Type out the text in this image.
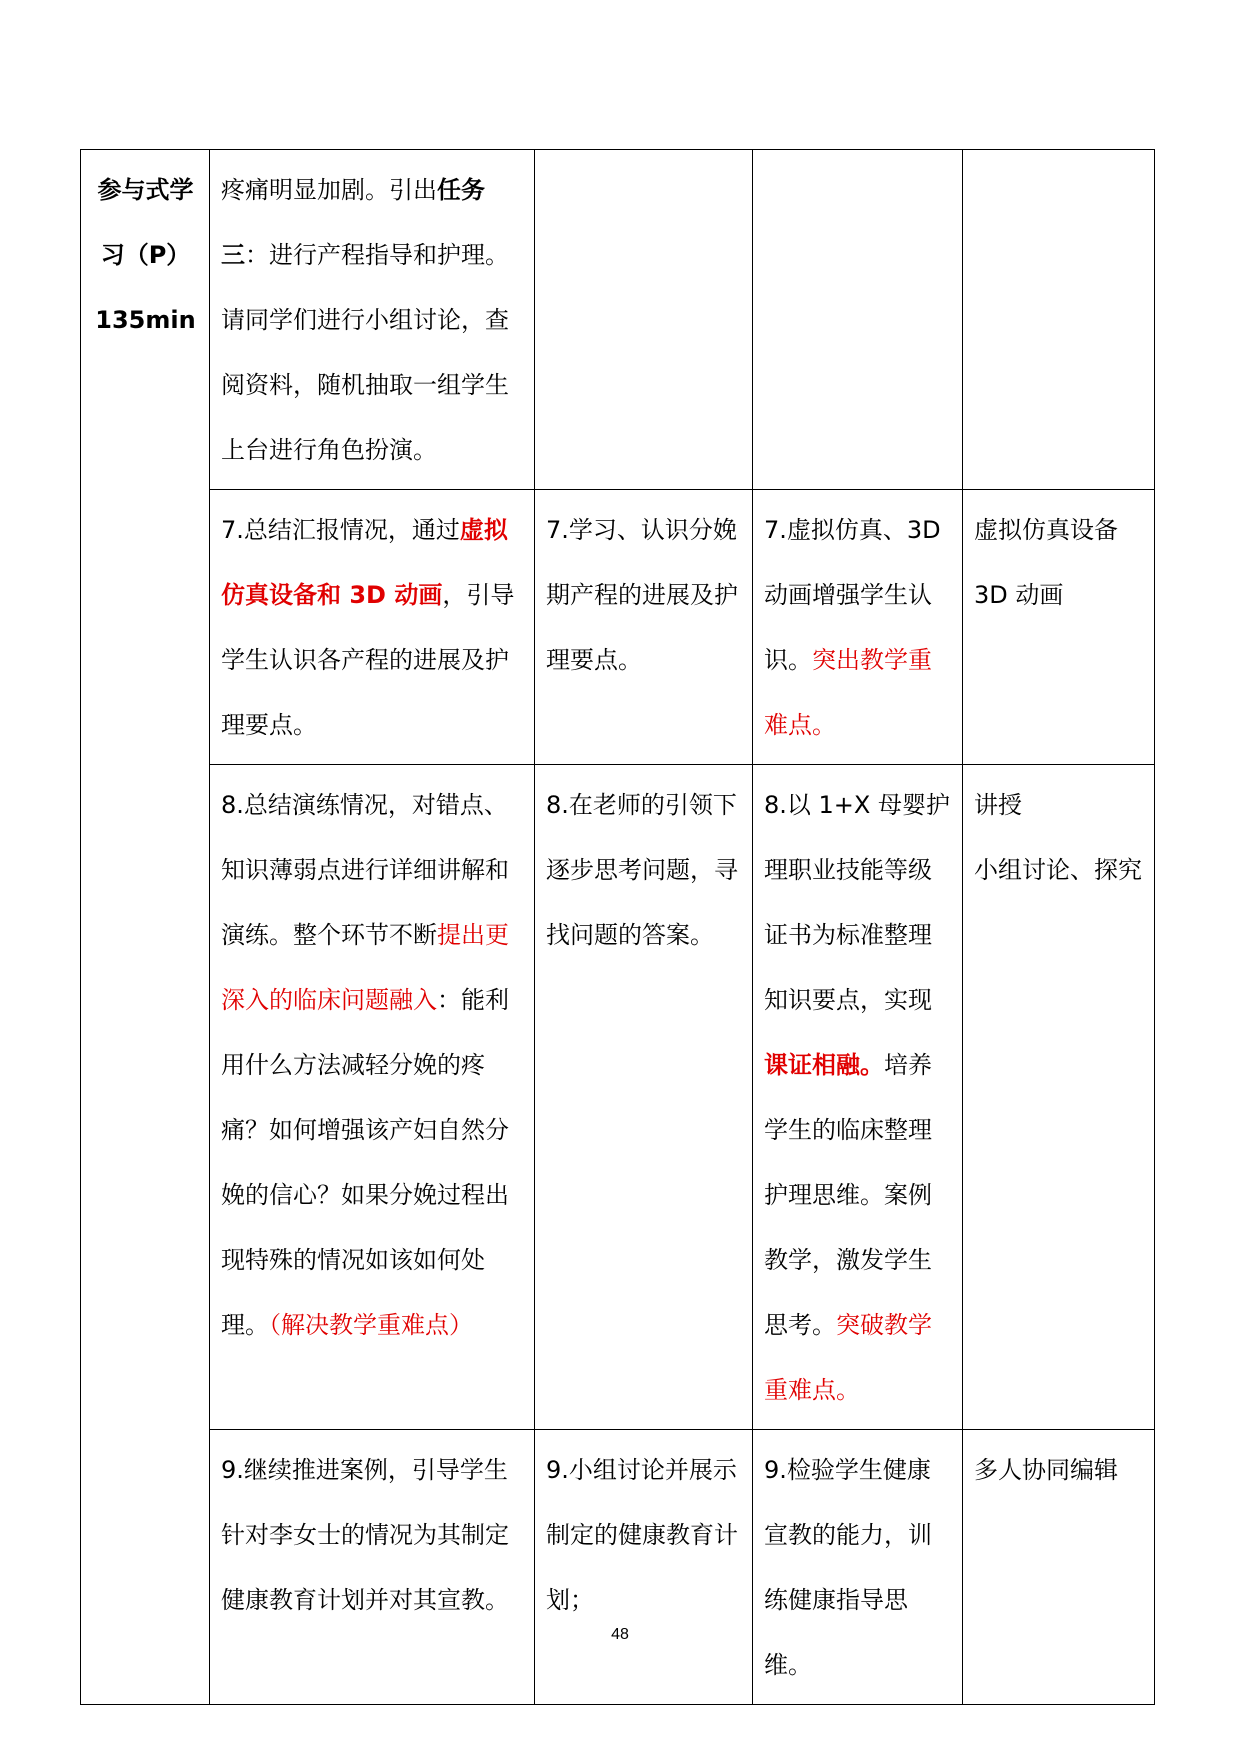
参与式学
习（P）
135min	疼痛明显加剧。引出任务三：进行产程指导和护理。请同学们进行小组讨论，查阅资料，随机抽取一组学生上台进行角色扮演。			
	7.总结汇报情况，通过虚拟仿真设备和 3D 动画，引导学生认识各产程的进展及护理要点。	7.学习、认识分娩期产程的进展及护理要点。	7.虚拟仿真、3D 动画增强学生认识。突出教学重难点。	虚拟仿真设备
3D 动画

	8.总结演练情况，对错点、知识薄弱点进行详细讲解和演练。整个环节不断提出更深入的临床问题融入：能利用什么方法减轻分娩的疼痛？如何增强该产妇自然分娩的信心？如果分娩过程出现特殊的情况如该如何处理。（解决教学重难点）	8.在老师的引领下逐步思考问题，寻找问题的答案。	8.以 1+X 母婴护理职业技能等级证书为标准整理知识要点，实现课证相融。培养学生的临床整理护理思维。案例教学，激发学生思考。突破教学重难点。	讲授
小组讨论、探究

	9.继续推进案例，引导学生针对李女士的情况为其制定健康教育计划并对其宣教。	9.小组讨论并展示制定的健康教育计划；	9.检验学生健康宣教的能力，训练健康指导思维。	多人协同编辑
48
